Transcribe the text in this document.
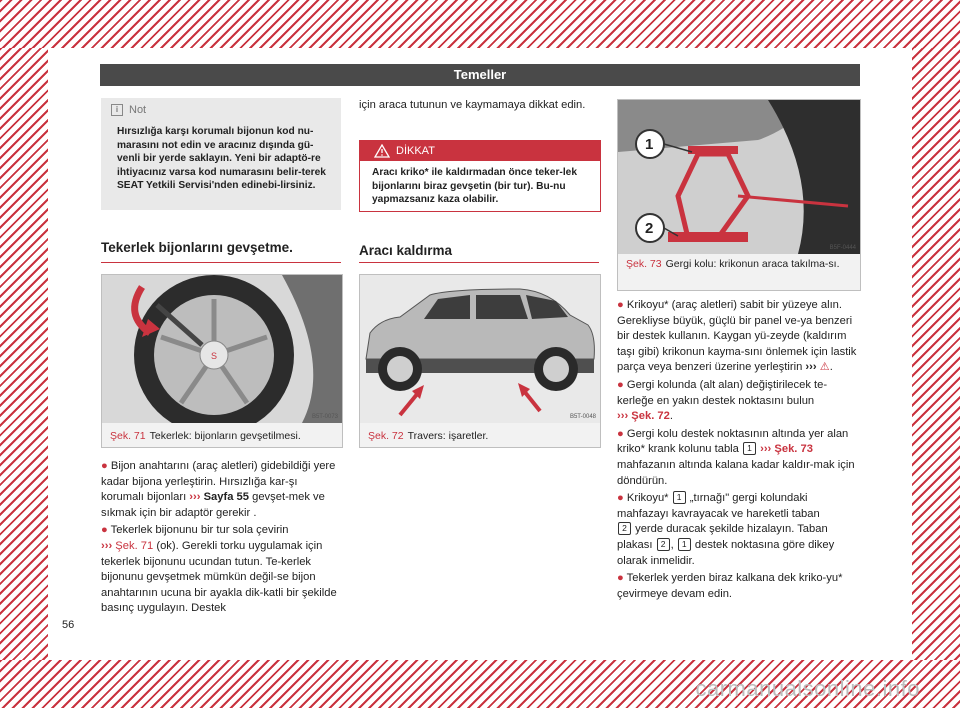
Temeller
i Not
Hırsızlığa karşı korumalı bijonun kod nu-marasını not edin ve aracınız dışında gü-venli bir yerde saklayın. Yeni bir adaptö-re ihtiyacınız varsa kod numarasını belir-terek SEAT Yetkili Servisi'nden edinebi-lirsiniz.
Tekerlek bijonlarını gevşetme.
S
B5T-0073
Şek. 71 Tekerlek: bijonların gevşetilmesi.

● Bijon anahtarını (araç aletleri) gidebildiği yere kadar bijona yerleştirin. Hırsızlığa kar-şı korumalı bijonları ››› Sayfa 55 gevşet-mek ve sıkmak için bir adaptör gerekir .

● Tekerlek bijonunu bir tur sola çevirin
››› Şek. 71 (ok). Gerekli torku uygulamak için tekerlek bijonunu ucundan tutun. Te-kerlek bijonunu gevşetmek mümkün değil-se bijon anahtarının ucuna bir ayakla dik-katli bir şekilde basınç uygulayın. Destek

için araca tutunun ve kaymamaya dikkat edin.
DİKKAT
Aracı kriko* ile kaldırmadan önce teker-lek bijonlarını biraz gevşetin (bir tur). Bu-nu yapmazsanız kaza olabilir.
Aracı kaldırma
B5T-0048
Şek. 72 Travers: işaretler.
1
2
B5F-0444
Şek. 73 Gergi kolu: krikonun araca takılma-sı.

● Krikoyu* (araç aletleri) sabit bir yüzeye alın. Gerekliyse büyük, güçlü bir panel ve-ya benzeri bir destek kullanın. Kaygan yü-zeyde (kaldırım taşı gibi) krikonun kayma-sını önlemek için lastik parça veya benzeri üzerine yerleştirin ››› ⚠.

● Gergi kolunda (alt alan) değiştirilecek te-kerleğe en yakın destek noktasını bulun
››› Şek. 72.

● Gergi kolu destek noktasının altında yer alan kriko* krank kolunu tabla 1 ››› Şek. 73 mahfazanın altında kalana kadar kaldır-mak için döndürün.

● Krikoyu* 1 „tırnağı" gergi kolundaki mahfazayı kavrayacak ve hareketli taban
2 yerde duracak şekilde hizalayın. Taban plakası 2 , 1 destek noktasına göre dikey olarak inmelidir.

● Tekerlek yerden biraz kalkana dek kriko-yu* çevirmeye devam edin.

56
carmanualsonline.info
